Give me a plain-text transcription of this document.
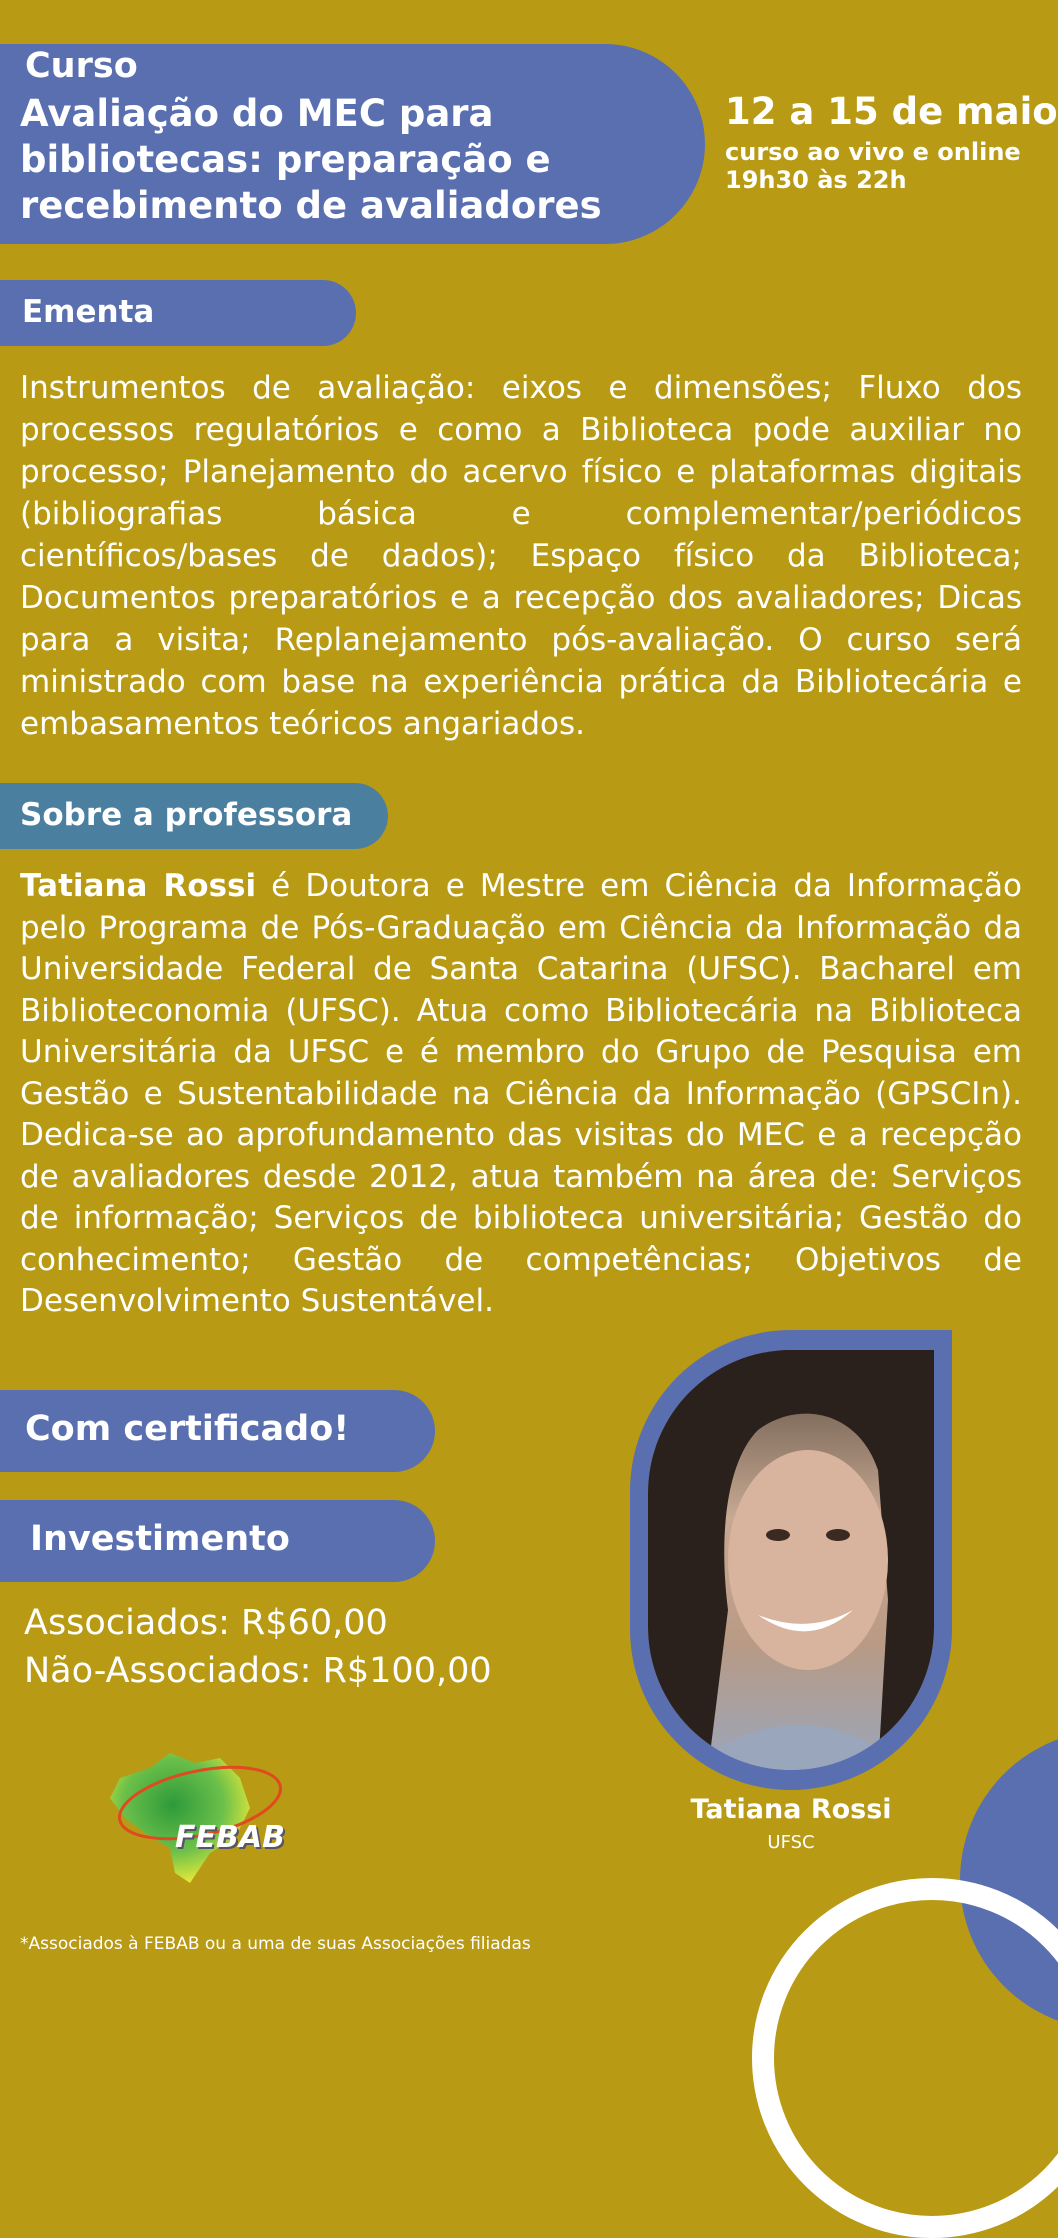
Curso
Avaliação do MEC para
bibliotecas: preparação e
recebimento de avaliadores
12 a 15 de maio
curso ao vivo e online
19h30 às 22h
Ementa
Instrumentos de avaliação: eixos e dimensões; Fluxo dos processos regulatórios e como a Biblioteca pode auxiliar no processo; Planejamento do acervo físico e plataformas digitais (bibliografias básica e complementar/periódicos científicos/bases de dados); Espaço físico da Biblioteca; Documentos preparatórios e a recepção dos avaliadores; Dicas para a visita; Replanejamento pós-avaliação. O curso será ministrado com base na experiência prática da Bibliotecária e embasamentos teóricos angariados.
Sobre a professora
Tatiana Rossi é Doutora e Mestre em Ciência da Informação pelo Programa de Pós-Graduação em Ciência da Informação da Universidade Federal de Santa Catarina (UFSC). Bacharel em Biblioteconomia (UFSC). Atua como Bibliotecária na Biblioteca Universitária da UFSC e é membro do Grupo de Pesquisa em Gestão e Sustentabilidade na Ciência da Informação (GPSCIn). Dedica-se ao aprofundamento das visitas do MEC e a recepção de avaliadores desde 2012, atua também na área de: Serviços de informação; Serviços de biblioteca universitária; Gestão do conhecimento; Gestão de competências; Objetivos de Desenvolvimento Sustentável.
Com certificado!
Investimento
Associados: R$60,00
Não-Associados: R$100,00
FEBAB
*Associados à FEBAB ou a uma de suas Associações filiadas
Tatiana Rossi
UFSC
